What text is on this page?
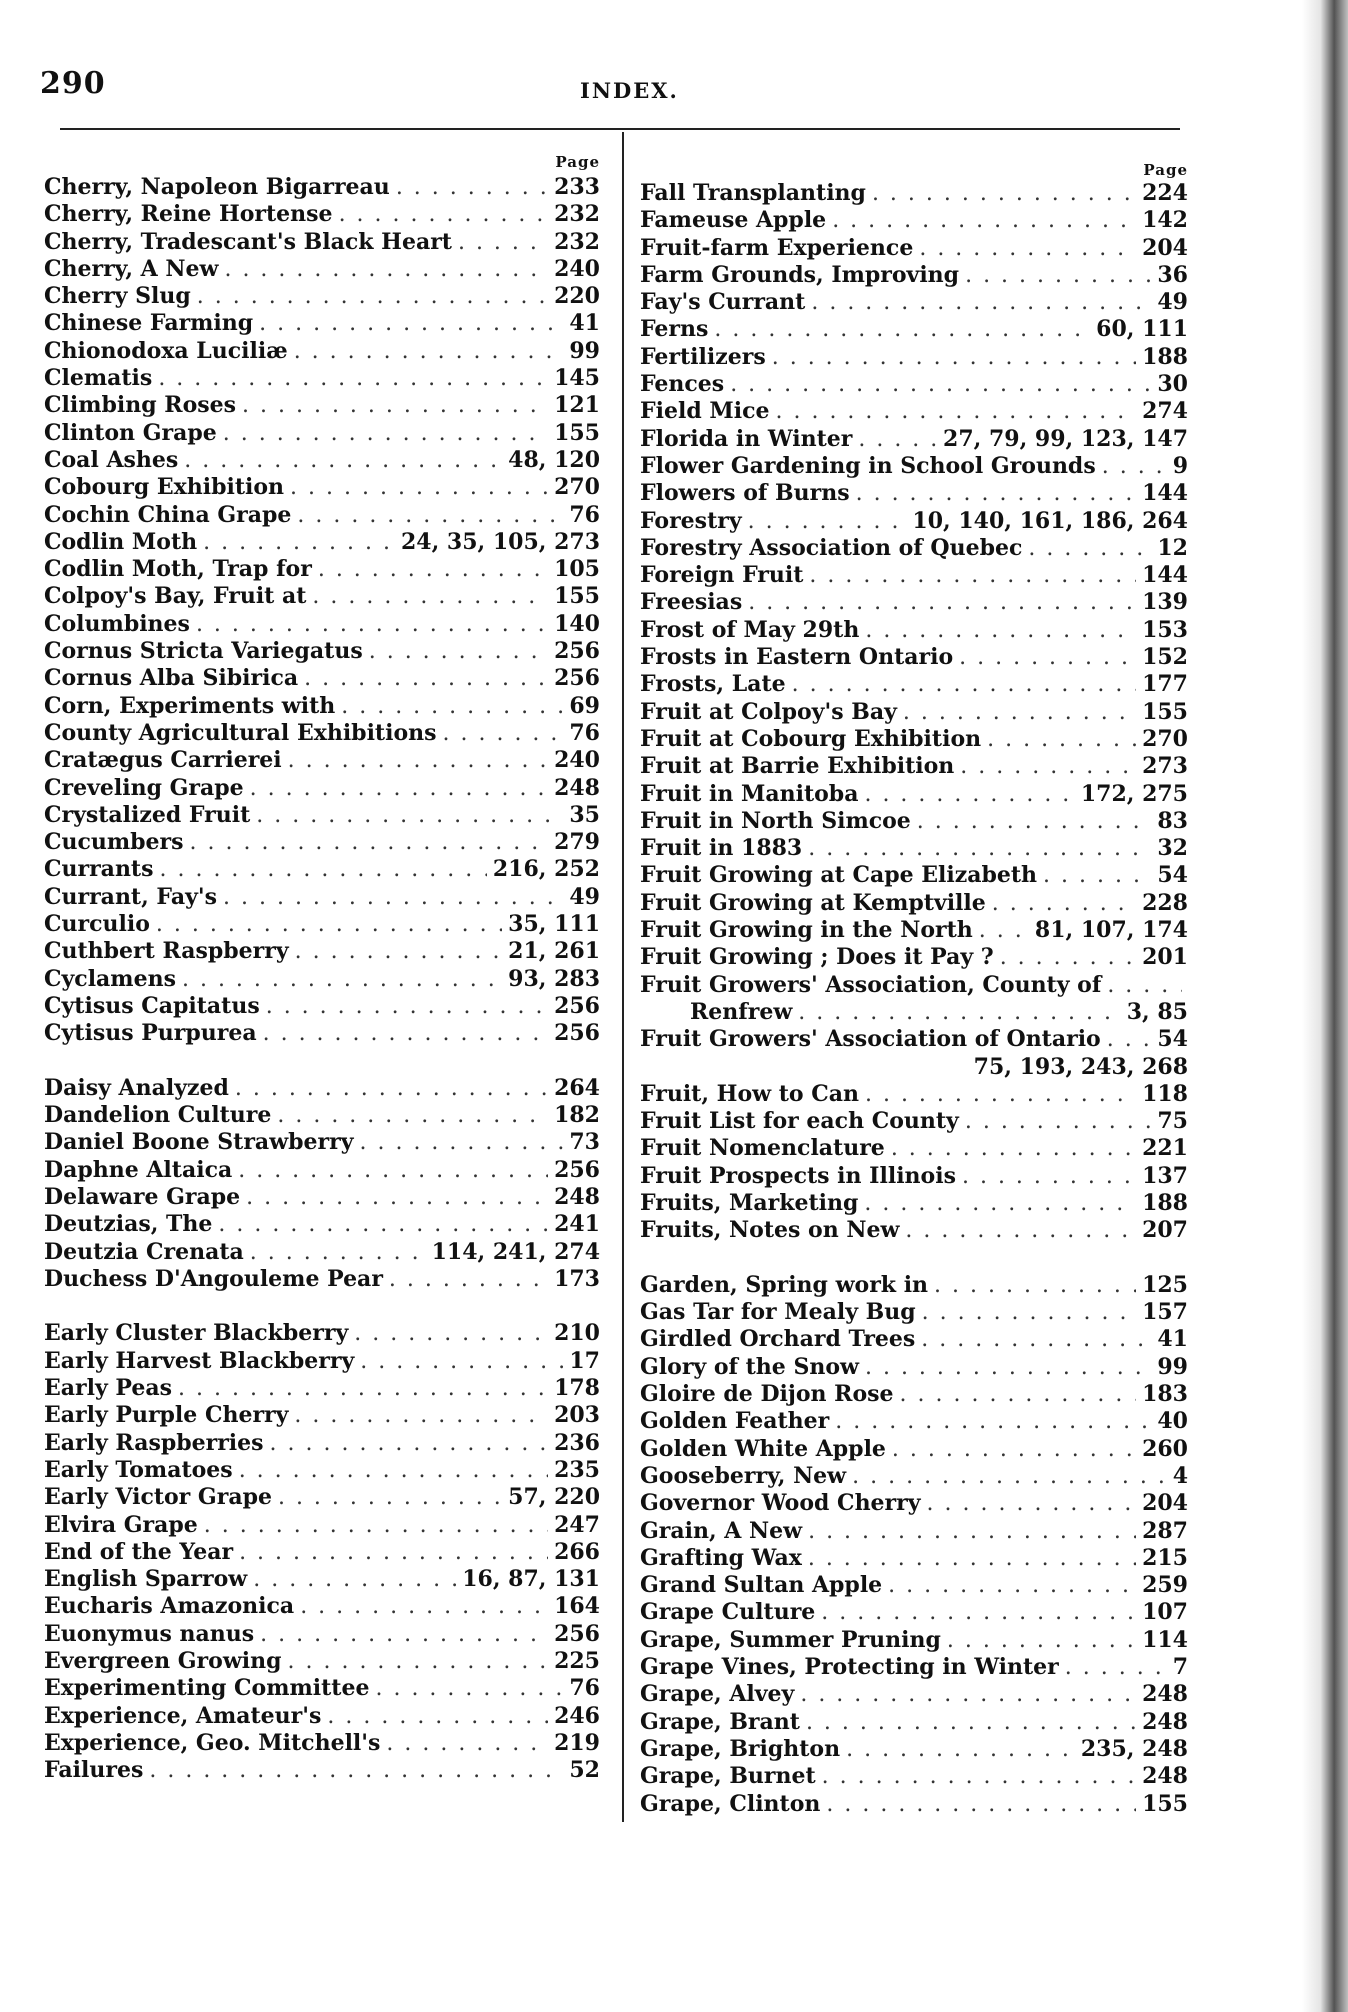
290	INDEX.
Page
Cherry, Napoleon Bigarreau . . .	233
Cherry, Reine Hortense . . .	232
Cherry, Tradescant's Black Heart . . .	232
Cherry, A New . . .	240
Cherry Slug . . .	220
Chinese Farming . . .	41
Chionodoxa Luciliæ . . .	99
Clematis . . .	145
Climbing Roses . . .	121
Clinton Grape . . .	155
Coal Ashes . . .	48, 120
Cobourg Exhibition . . .	270
Cochin China Grape . . .	76
Codlin Moth . . .	24, 35, 105, 273
Codlin Moth, Trap for . . .	105
Colpoy's Bay, Fruit at . . .	155
Columbines . . .	140
Cornus Stricta Variegatus . . .	256
Cornus Alba Sibirica . . .	256
Corn, Experiments with . . .	69
County Agricultural Exhibitions . . .	76
Cratægus Carrierei . . .	240
Creveling Grape . . .	248
Crystalized Fruit . . .	35
Cucumbers . . .	279
Currants . . .	216, 252
Currant, Fay's . . .	49
Curculio . . .	35, 111
Cuthbert Raspberry . . .	21, 261
Cyclamens . . .	93, 283
Cytisus Capitatus . . .	256
Cytisus Purpurea . . .	256
Daisy Analyzed . . .	264
Dandelion Culture . . .	182
Daniel Boone Strawberry . . .	73
Daphne Altaica . . .	256
Delaware Grape . . .	248
Deutzias, The . . .	241
Deutzia Crenata . . .	114, 241, 274
Duchess D'Angouleme Pear . . .	173
Early Cluster Blackberry . . .	210
Early Harvest Blackberry . . .	17
Early Peas . . .	178
Early Purple Cherry . . .	203
Early Raspberries . . .	236
Early Tomatoes . . .	235
Early Victor Grape . . .	57, 220
Elvira Grape . . .	247
End of the Year . . .	266
English Sparrow . . .	16, 87, 131
Eucharis Amazonica . . .	164
Euonymus nanus . . .	256
Evergreen Growing . . .	225
Experimenting Committee . . .	76
Experience, Amateur's . . .	246
Experience, Geo. Mitchell's . . .	219
Failures . . .	52
Page
Fall Transplanting . . .	224
Fameuse Apple . . .	142
Fruit-farm Experience . . .	204
Farm Grounds, Improving . . .	36
Fay's Currant . . .	49
Ferns . . .	60, 111
Fertilizers . . .	188
Fences . . .	30
Field Mice . . .	274
Florida in Winter . . .	27, 79, 99, 123, 147
Flower Gardening in School Grounds . . .	9
Flowers of Burns . . .	144
Forestry . . .	10, 140, 161, 186, 264
Forestry Association of Quebec . . .	12
Foreign Fruit . . .	144
Freesias . . .	139
Frost of May 29th . . .	153
Frosts in Eastern Ontario . . .	152
Frosts, Late . . .	177
Fruit at Colpoy's Bay . . .	155
Fruit at Cobourg Exhibition . . .	270
Fruit at Barrie Exhibition . . .	273
Fruit in Manitoba . . .	172, 275
Fruit in North Simcoe . . .	83
Fruit in 1883 . . .	32
Fruit Growing at Cape Elizabeth . . .	54
Fruit Growing at Kemptville . . .	228
Fruit Growing in the North . . .	81, 107, 174
Fruit Growing ; Does it Pay ? . . .	201
Fruit Growers' Association, County of
. . .
Renfrew . . .	3, 85
Fruit Growers' Association of Ontario . . .	54
75, 193, 243, 268
Fruit, How to Can . . .	118
Fruit List for each County . . .	75
Fruit Nomenclature . . .	221
Fruit Prospects in Illinois . . .	137
Fruits, Marketing . . .	188
Fruits, Notes on New . . .	207
Garden, Spring work in . . .	125
Gas Tar for Mealy Bug . . .	157
Girdled Orchard Trees . . .	41
Glory of the Snow . . .	99
Gloire de Dijon Rose . . .	183
Golden Feather . . .	40
Golden White Apple . . .	260
Gooseberry, New . . .	4
Governor Wood Cherry . . .	204
Grain, A New . . .	287
Grafting Wax . . .	215
Grand Sultan Apple . . .	259
Grape Culture . . .	107
Grape, Summer Pruning . . .	114
Grape Vines, Protecting in Winter . . .	7
Grape, Alvey . . .	248
Grape, Brant . . .	248
Grape, Brighton . . .	235, 248
Grape, Burnet . . .	248
Grape, Clinton . . .	155
